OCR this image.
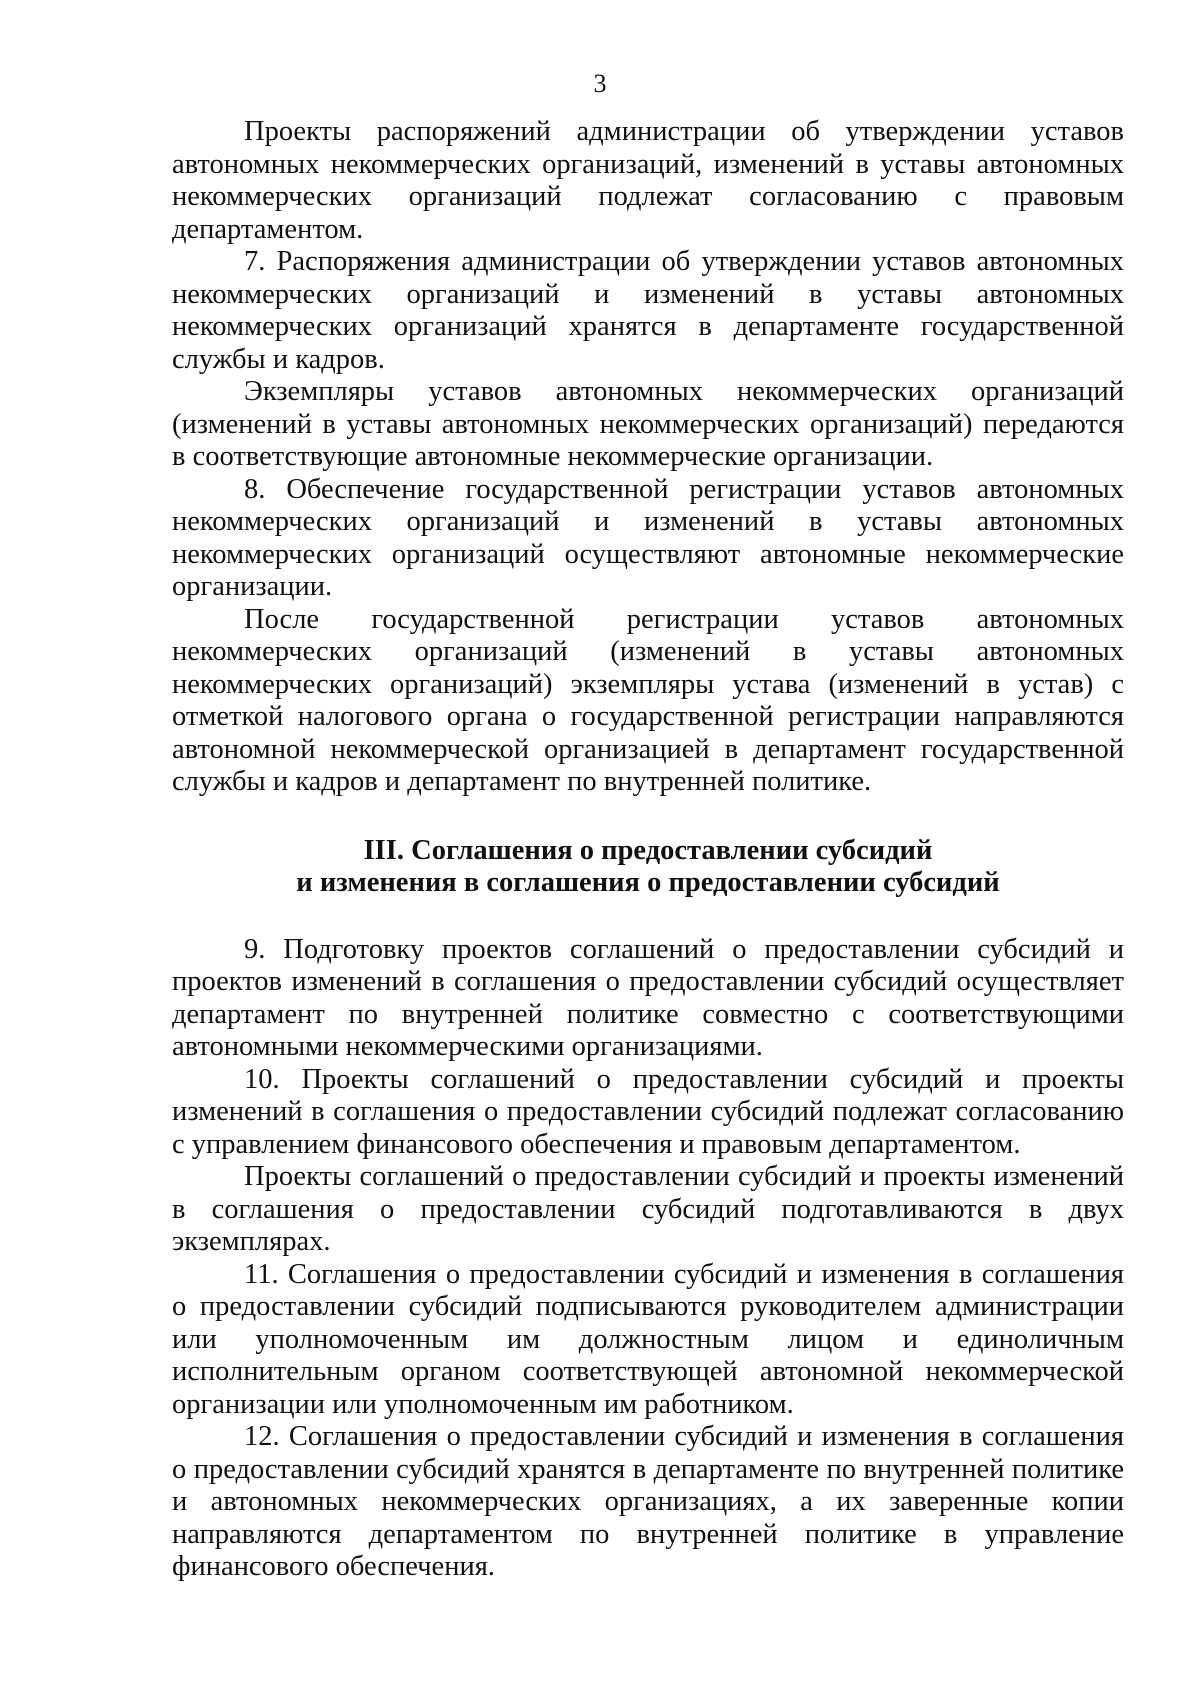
3

Проекты распоряжений администрации об утверждении уставов автономных некоммерческих организаций, изменений в уставы автономных некоммерческих организаций подлежат согласованию с правовым департаментом.

7. Распоряжения администрации об утверждении уставов автономных некоммерческих организаций и изменений в уставы автономных некоммерческих организаций хранятся в департаменте государственной службы и кадров.

Экземпляры уставов автономных некоммерческих организаций (изменений в уставы автономных некоммерческих организаций) передаются в соответствующие автономные некоммерческие организации.

8. Обеспечение государственной регистрации уставов автономных некоммерческих организаций и изменений в уставы автономных некоммерческих организаций осуществляют автономные некоммерческие организации.

После государственной регистрации уставов автономных некоммерческих организаций (изменений в уставы автономных некоммерческих организаций) экземпляры устава (изменений в устав) с отметкой налогового органа о государственной регистрации направляются автономной некоммерческой организацией в департамент государственной службы и кадров и департамент по внутренней политике.

III. Соглашения о предоставлении субсидий
и изменения в соглашения о предоставлении субсидий

9. Подготовку проектов соглашений о предоставлении субсидий и проектов изменений в соглашения о предоставлении субсидий осуществляет департамент по внутренней политике совместно с соответствующими автономными некоммерческими организациями.

10. Проекты соглашений о предоставлении субсидий и проекты изменений в соглашения о предоставлении субсидий подлежат согласованию с управлением финансового обеспечения и правовым департаментом.

Проекты соглашений о предоставлении субсидий и проекты изменений в соглашения о предоставлении субсидий подготавливаются в двух экземплярах.

11. Соглашения о предоставлении субсидий и изменения в соглашения о предоставлении субсидий подписываются руководителем администрации или уполномоченным им должностным лицом и единоличным исполнительным органом соответствующей автономной некоммерческой организации или уполномоченным им работником.

12. Соглашения о предоставлении субсидий и изменения в соглашения о предоставлении субсидий хранятся в департаменте по внутренней политике и автономных некоммерческих организациях, а их заверенные копии направляются департаментом по внутренней политике в управление финансового обеспечения.
